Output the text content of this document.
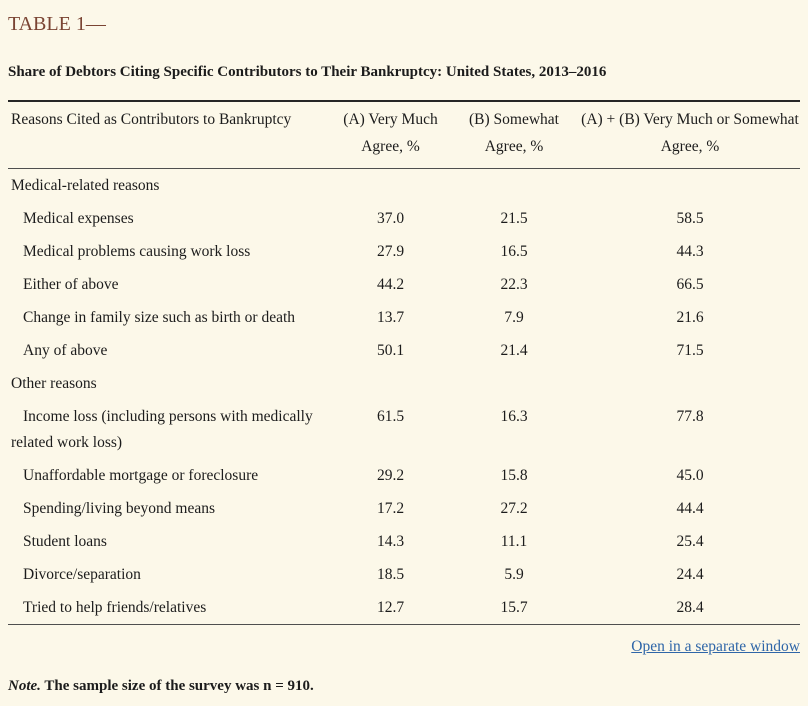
TABLE 1—
Share of Debtors Citing Specific Contributors to Their Bankruptcy: United States, 2013–2016
Reasons Cited as Contributors to Bankruptcy	(A) Very Much Agree, %	(B) Somewhat Agree, %	(A) + (B) Very Much or Somewhat Agree, %
Medical-related reasons			
Medical expenses	37.0	21.5	58.5
Medical problems causing work loss	27.9	16.5	44.3
Either of above	44.2	22.3	66.5
Change in family size such as birth or death	13.7	7.9	21.6
Any of above	50.1	21.4	71.5
Other reasons			
Income loss (including persons with medically related work loss)	61.5	16.3	77.8
Unaffordable mortgage or foreclosure	29.2	15.8	45.0
Spending/living beyond means	17.2	27.2	44.4
Student loans	14.3	11.1	25.4
Divorce/separation	18.5	5.9	24.4
Tried to help friends/relatives	12.7	15.7	28.4
Open in a separate window

Note. The sample size of the survey was n = 910.
